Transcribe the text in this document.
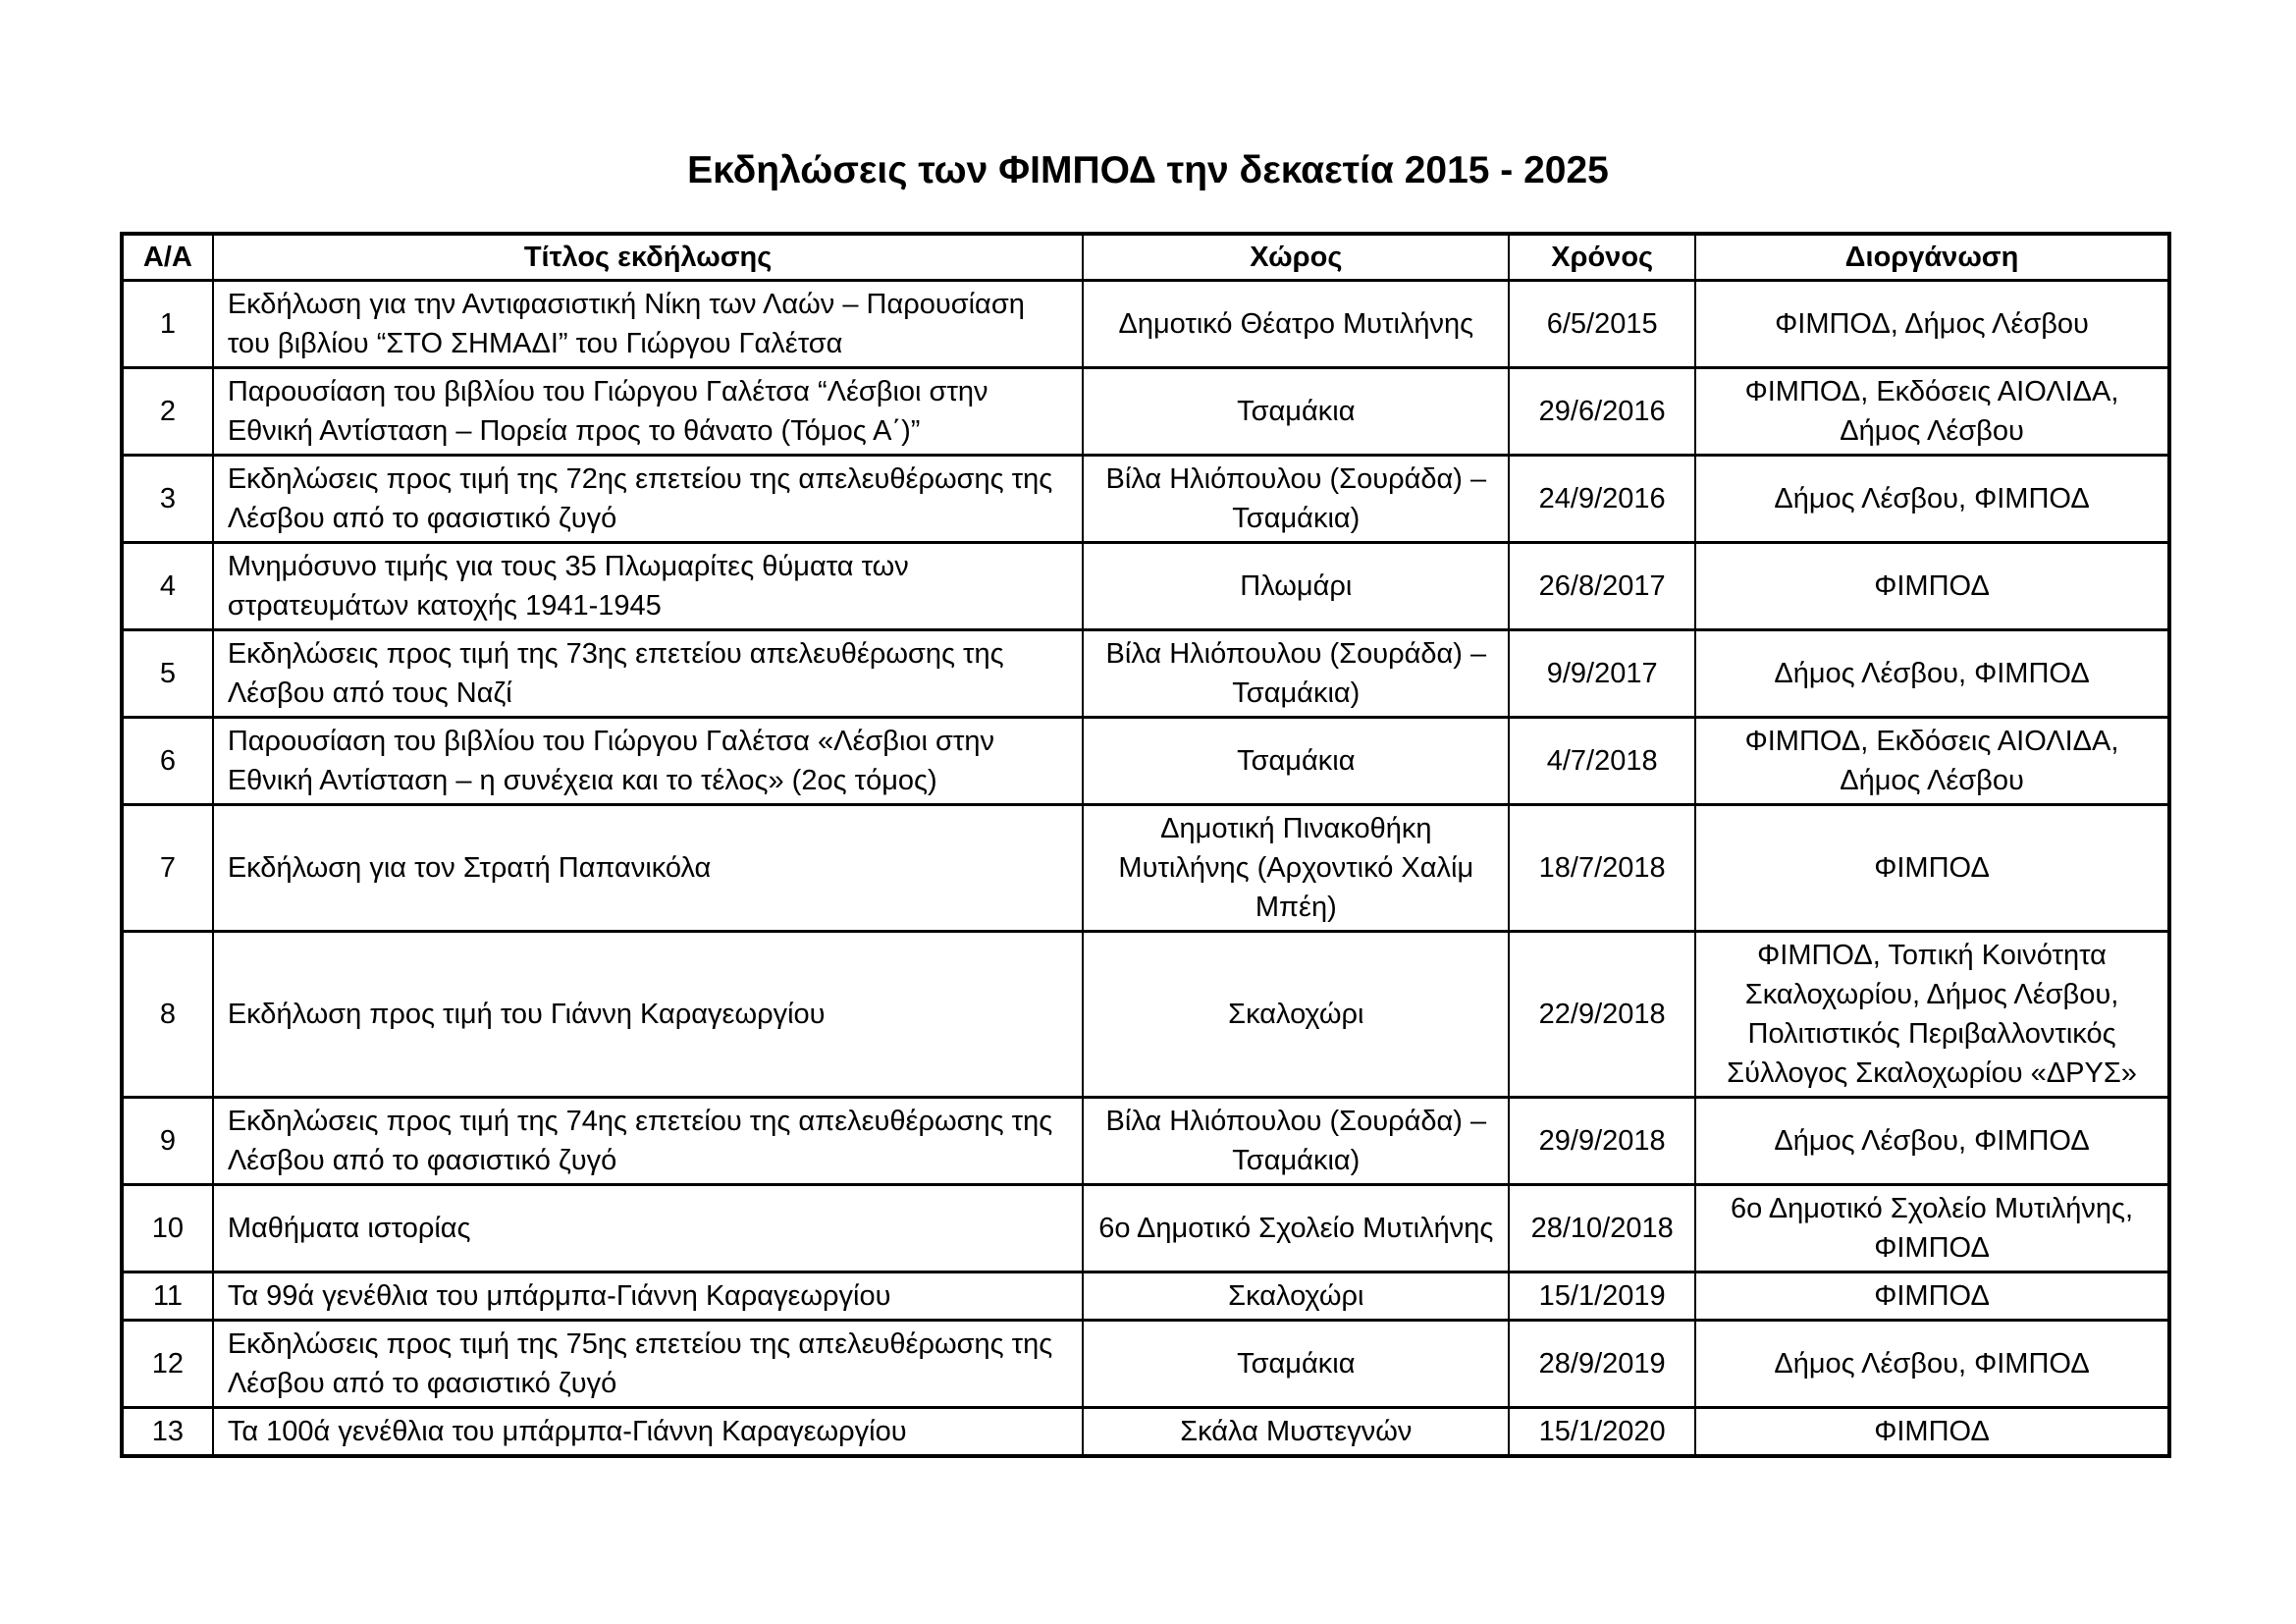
Εκδηλώσεις των ΦΙΜΠΟΔ την δεκαετία 2015 - 2025
Α/Α	Τίτλος εκδήλωσης	Χώρος	Χρόνος	Διοργάνωση
1	Εκδήλωση για την Αντιφασιστική Νίκη των Λαών – Παρουσίαση του βιβλίου “ΣΤΟ ΣΗΜΑΔΙ” του Γιώργου Γαλέτσα	Δημοτικό Θέατρο Μυτιλήνης	6/5/2015	ΦΙΜΠΟΔ, Δήμος Λέσβου
2	Παρουσίαση του βιβλίου του Γιώργου Γαλέτσα “Λέσβιοι στην Εθνική Αντίσταση – Πορεία προς το θάνατο (Τόμος Α΄)”	Τσαμάκια	29/6/2016	ΦΙΜΠΟΔ, Εκδόσεις ΑΙΟΛΙΔΑ, Δήμος Λέσβου
3	Εκδηλώσεις προς τιμή της 72ης επετείου της απελευθέρωσης της Λέσβου από το φασιστικό ζυγό	Βίλα Ηλιόπουλου (Σουράδα) – Τσαμάκια)	24/9/2016	Δήμος Λέσβου, ΦΙΜΠΟΔ
4	Μνημόσυνο τιμής για τους 35 Πλωμαρίτες θύματα των στρατευμάτων κατοχής 1941-1945	Πλωμάρι	26/8/2017	ΦΙΜΠΟΔ
5	Εκδηλώσεις προς τιμή της 73ης επετείου απελευθέρωσης της Λέσβου από τους Ναζί	Βίλα Ηλιόπουλου (Σουράδα) – Τσαμάκια)	9/9/2017	Δήμος Λέσβου, ΦΙΜΠΟΔ
6	Παρουσίαση του βιβλίου του Γιώργου Γαλέτσα «Λέσβιοι στην Εθνική Αντίσταση – η συνέχεια και το τέλος» (2ος τόμος)	Τσαμάκια	4/7/2018	ΦΙΜΠΟΔ, Εκδόσεις ΑΙΟΛΙΔΑ, Δήμος Λέσβου
7	Εκδήλωση για τον Στρατή Παπανικόλα	Δημοτική Πινακοθήκη Μυτιλήνης (Αρχοντικό Χαλίμ Μπέη)	18/7/2018	ΦΙΜΠΟΔ
8	Εκδήλωση προς τιμή του Γιάννη Καραγεωργίου	Σκαλοχώρι	22/9/2018	ΦΙΜΠΟΔ, Τοπική Κοινότητα Σκαλοχωρίου, Δήμος Λέσβου, Πολιτιστικός Περιβαλλοντικός Σύλλογος Σκαλοχωρίου «ΔΡΥΣ»
9	Εκδηλώσεις προς τιμή της 74ης επετείου της απελευθέρωσης της Λέσβου από το φασιστικό ζυγό	Βίλα Ηλιόπουλου (Σουράδα) – Τσαμάκια)	29/9/2018	Δήμος Λέσβου, ΦΙΜΠΟΔ
10	Μαθήματα ιστορίας	6ο Δημοτικό Σχολείο Μυτιλήνης	28/10/2018	6ο Δημοτικό Σχολείο Μυτιλήνης, ΦΙΜΠΟΔ
11	Τα 99ά γενέθλια του μπάρμπα-Γιάννη Καραγεωργίου	Σκαλοχώρι	15/1/2019	ΦΙΜΠΟΔ
12	Εκδηλώσεις προς τιμή της 75ης επετείου της απελευθέρωσης της Λέσβου από το φασιστικό ζυγό	Τσαμάκια	28/9/2019	Δήμος Λέσβου, ΦΙΜΠΟΔ
13	Τα 100ά γενέθλια του μπάρμπα-Γιάννη Καραγεωργίου	Σκάλα Μυστεγνών	15/1/2020	ΦΙΜΠΟΔ
